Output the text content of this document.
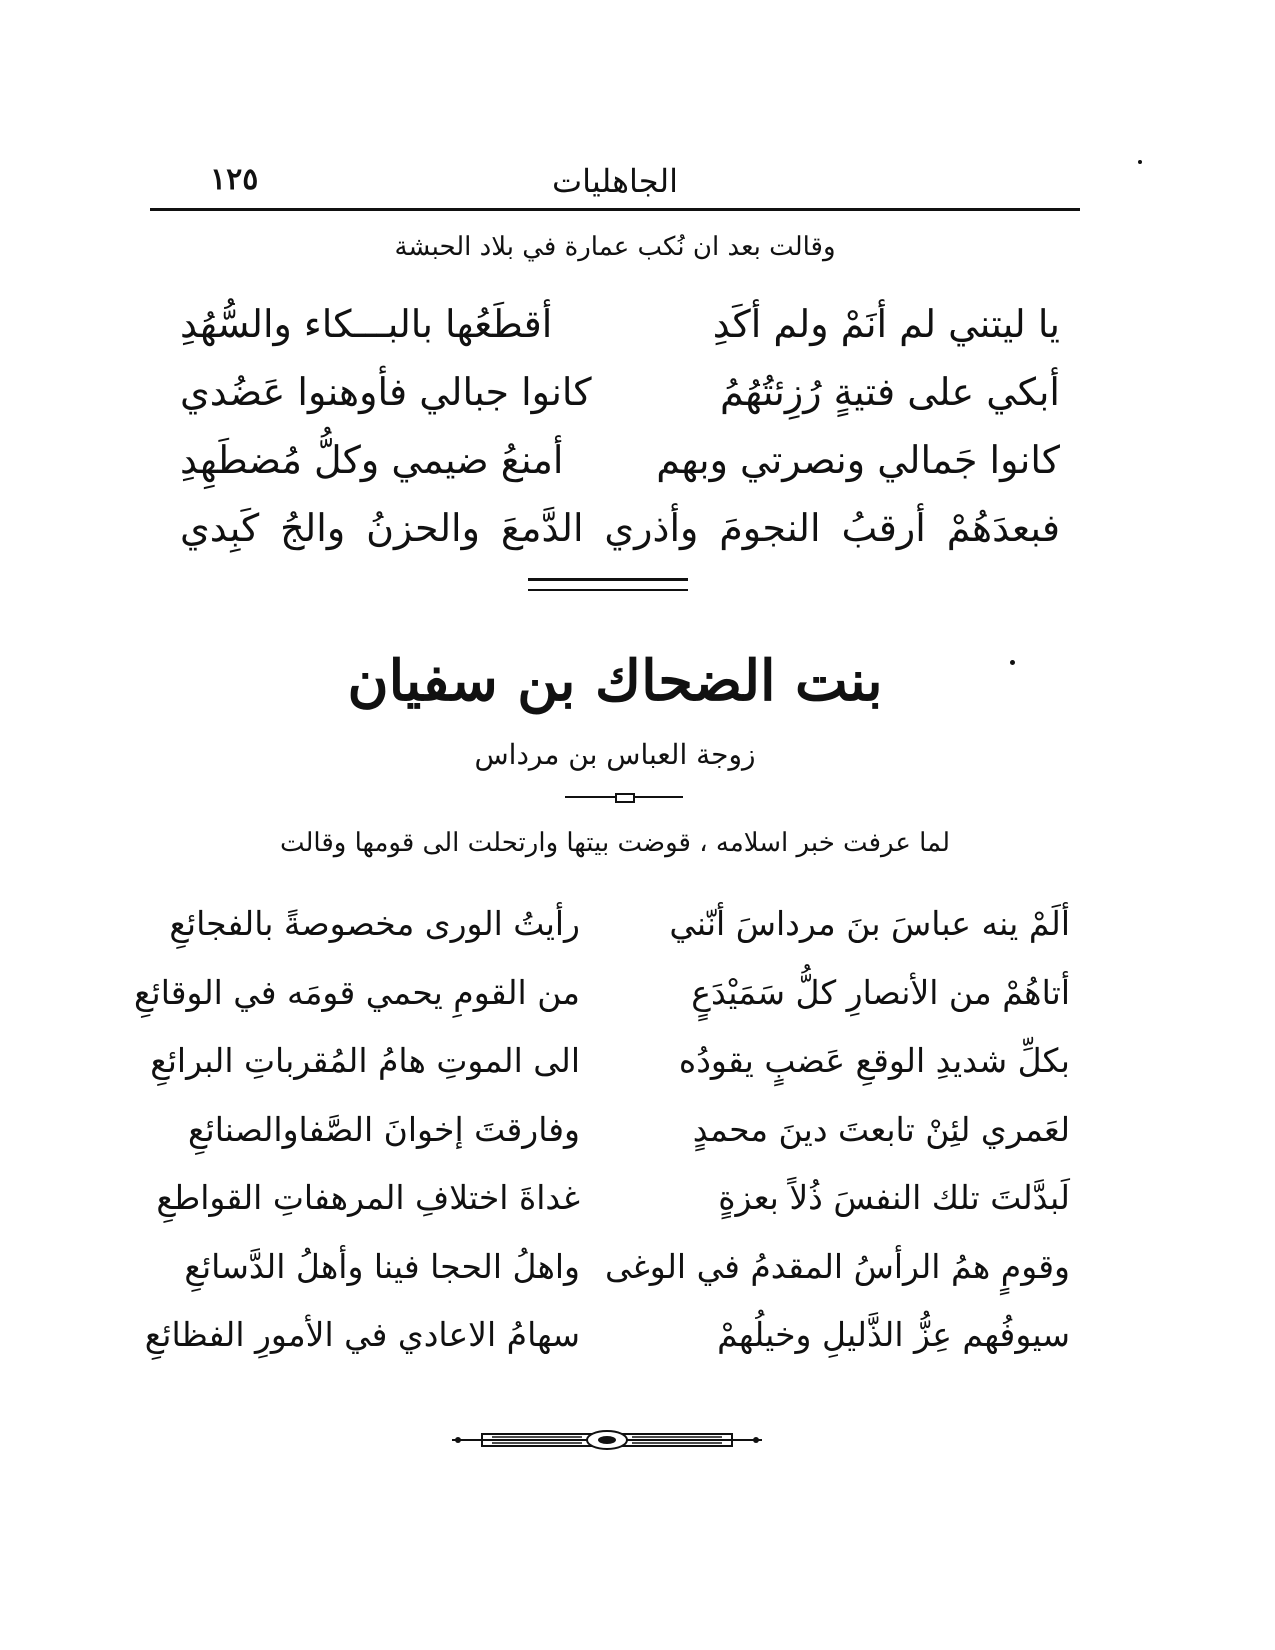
١٢٥	الجاهليات
وقالت بعد ان نُكب عمارة في بلاد الحبشة
يا ليتني لم أنَمْ ولم أكَدِ
أقطَعُها بالبـــكاء والسُّهُدِ
أبكي على فتيةٍ رُزِئتُهُمُ
كانوا جبالي فأوهنوا عَضُدي
كانوا جَمالي ونصرتي وبهم
أمنعُ ضيمي وكلُّ مُضطَهِدِ
فبعدَهُمْ أرقبُ النجومَ وأذري الدَّمعَ والحزنُ والجُ كَبِدي
بنت الضحاك بن سفيان
زوجة العباس بن مرداس
لما عرفت خبر اسلامه ، قوضت بيتها وارتحلت الى قومها وقالت
ألَمْ ينه عباسَ بنَ مرداسَ أنّني
رأيتُ الورى مخصوصةً بالفجائعِ
أتاهُمْ من الأنصارِ كلُّ سَمَيْدَعٍ
من القومِ يحمي قومَه في الوقائعِ
بكلِّ شديدِ الوقعِ عَضبٍ يقودُه
الى الموتِ هامُ المُقرباتِ البرائعِ
لعَمري لئِنْ تابعتَ دينَ محمدٍ
وفارقتَ إخوانَ الصَّفاوالصنائعِ
لَبدَّلتَ تلك النفسَ ذُلاً بعزةٍ
غداةَ اختلافِ المرهفاتِ القواطعِ
وقومٍ همُ الرأسُ المقدمُ في الوغى
واهلُ الحجا فينا وأهلُ الدَّسائعِ
سيوفُهم عِزُّ الذَّليلِ وخيلُهمْ
سهامُ الاعادي في الأمورِ الفظائعِ
